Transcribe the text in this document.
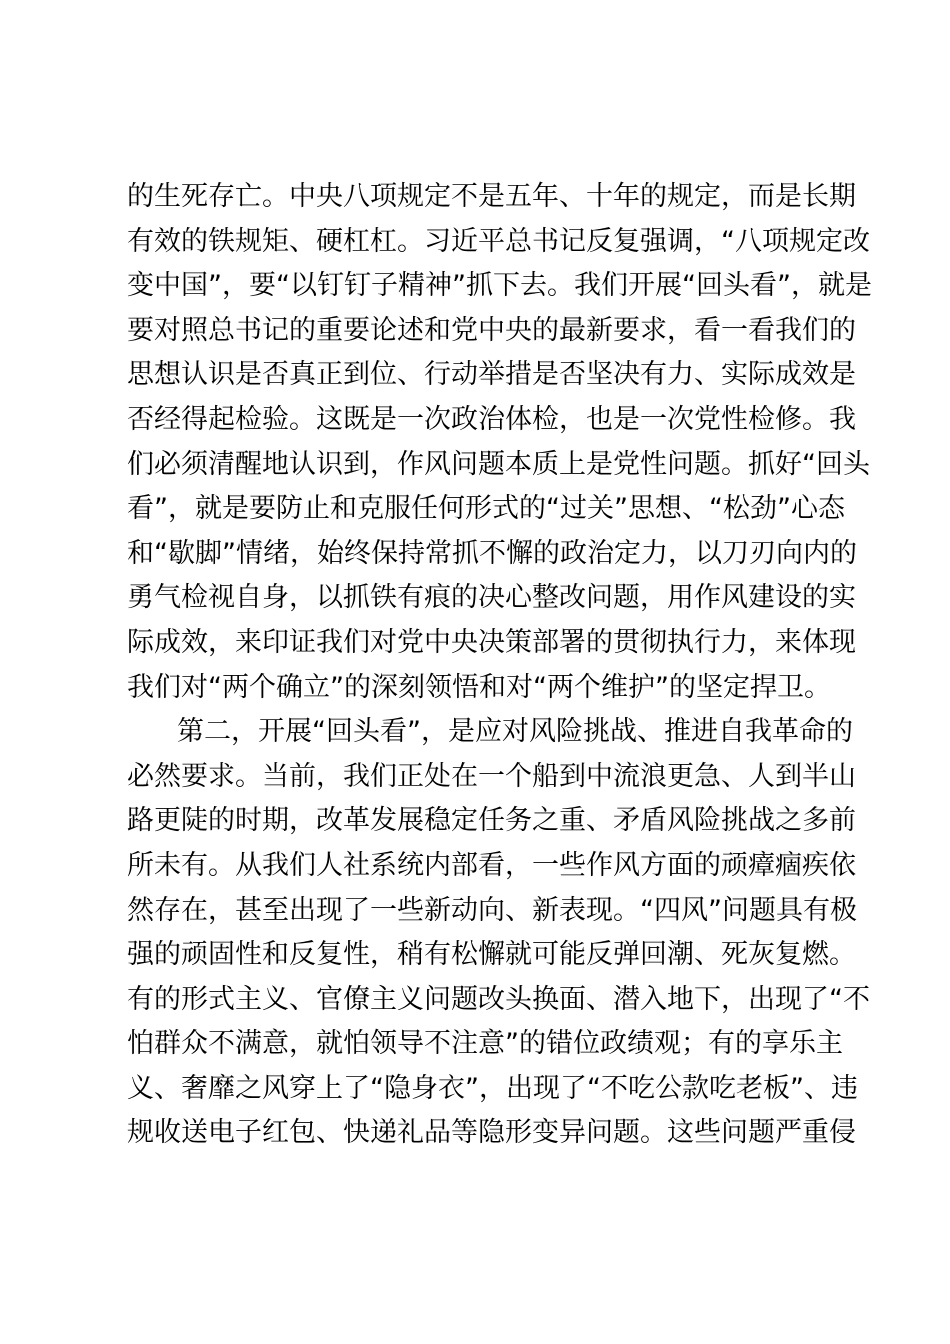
的生死存亡。中央八项规定不是五年、十年的规定，而是长期
有效的铁规矩、硬杠杠。习近平总书记反复强调，“八项规定改
变中国”，要“以钉钉子精神”抓下去。我们开展“回头看”，就是
要对照总书记的重要论述和党中央的最新要求，看一看我们的
思想认识是否真正到位、行动举措是否坚决有力、实际成效是
否经得起检验。这既是一次政治体检，也是一次党性检修。我
们必须清醒地认识到，作风问题本质上是党性问题。抓好“回头
看”，就是要防止和克服任何形式的“过关”思想、“松劲”心态
和“歇脚”情绪，始终保持常抓不懈的政治定力，以刀刃向内的
勇气检视自身，以抓铁有痕的决心整改问题，用作风建设的实
际成效，来印证我们对党中央决策部署的贯彻执行力，来体现
我们对“两个确立”的深刻领悟和对“两个维护”的坚定捍卫。
第二，开展“回头看”，是应对风险挑战、推进自我革命的
必然要求。当前，我们正处在一个船到中流浪更急、人到半山
路更陡的时期，改革发展稳定任务之重、矛盾风险挑战之多前
所未有。从我们人社系统内部看，一些作风方面的顽瘴痼疾依
然存在，甚至出现了一些新动向、新表现。“四风”问题具有极
强的顽固性和反复性，稍有松懈就可能反弹回潮、死灰复燃。
有的形式主义、官僚主义问题改头换面、潜入地下，出现了“不
怕群众不满意，就怕领导不注意”的错位政绩观；有的享乐主
义、奢靡之风穿上了“隐身衣”，出现了“不吃公款吃老板”、违
规收送电子红包、快递礼品等隐形变异问题。这些问题严重侵
